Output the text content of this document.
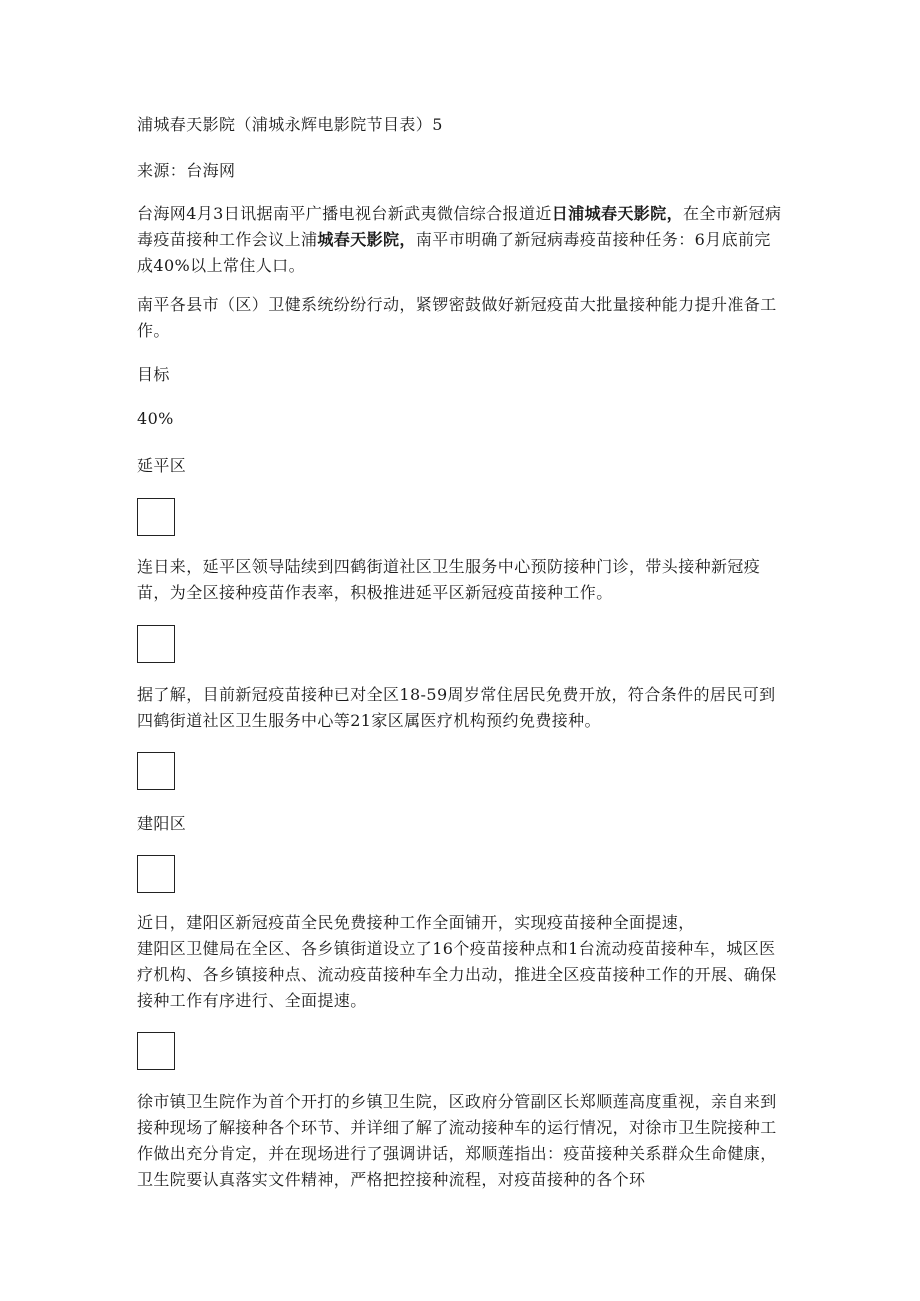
浦城春天影院（浦城永辉电影院节目表）5

来源：台海网

台海网4月3日讯据南平广播电视台新武夷微信综合报道近日浦城春天影院，在全市新冠病毒疫苗接种工作会议上浦城春天影院，南平市明确了新冠病毒疫苗接种任务：6月底前完成40%以上常住人口。

南平各县市（区）卫健系统纷纷行动，紧锣密鼓做好新冠疫苗大批量接种能力提升准备工作。

目标

40%

延平区

连日来，延平区领导陆续到四鹤街道社区卫生服务中心预防接种门诊，带头接种新冠疫苗，为全区接种疫苗作表率，积极推进延平区新冠疫苗接种工作。

据了解，目前新冠疫苗接种已对全区18-59周岁常住居民免费开放，符合条件的居民可到四鹤街道社区卫生服务中心等21家区属医疗机构预约免费接种。

建阳区

近日，建阳区新冠疫苗全民免费接种工作全面铺开，实现疫苗接种全面提速，
建阳区卫健局在全区、各乡镇街道设立了16个疫苗接种点和1台流动疫苗接种车，城区医疗机构、各乡镇接种点、流动疫苗接种车全力出动，推进全区疫苗接种工作的开展、确保接种工作有序进行、全面提速。

徐市镇卫生院作为首个开打的乡镇卫生院，区政府分管副区长郑顺莲高度重视，亲自来到接种现场了解接种各个环节、并详细了解了流动接种车的运行情况，对徐市卫生院接种工作做出充分肯定，并在现场进行了强调讲话，郑顺莲指出：疫苗接种关系群众生命健康，卫生院要认真落实文件精神，严格把控接种流程，对疫苗接种的各个环
